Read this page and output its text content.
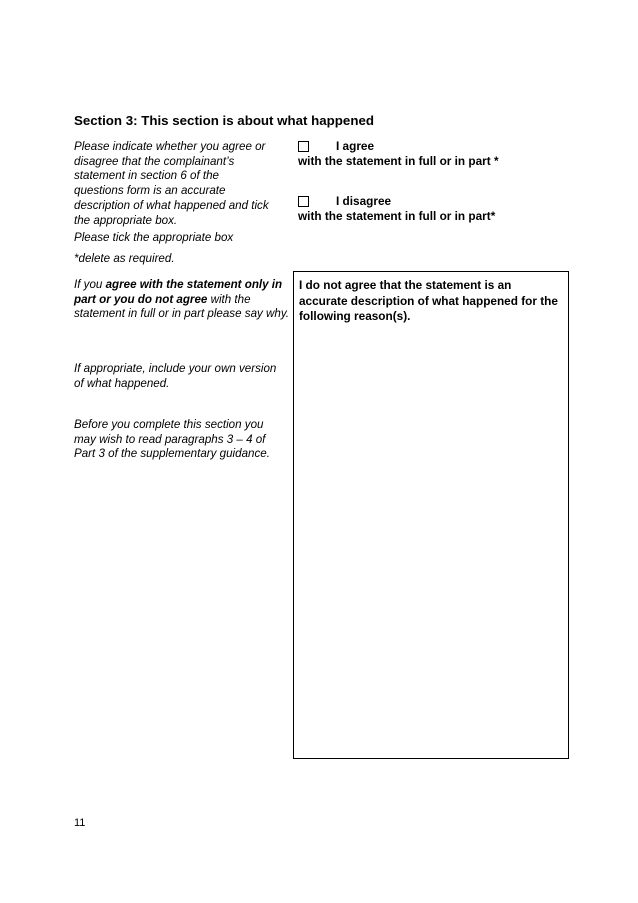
Section 3: This section is about what happened

Please indicate whether you agree or

disagree that the complainant’s

statement in section 6 of the

questions form is an accurate

description of what happened and tick

the appropriate box.

Please tick the appropriate box
*delete as required.
I agree
with the statement in full or in part *
I disagree
with the statement in full or in part*
If you agree with the statement only in part or you do not agree with the statement in full or in part please say why.
If appropriate, include your own version of what happened.

Before you complete this section you

may wish to read paragraphs 3 – 4 of

Part 3 of the supplementary guidance.

I do not agree that the statement is an accurate description of what happened for the following reason(s).
11
